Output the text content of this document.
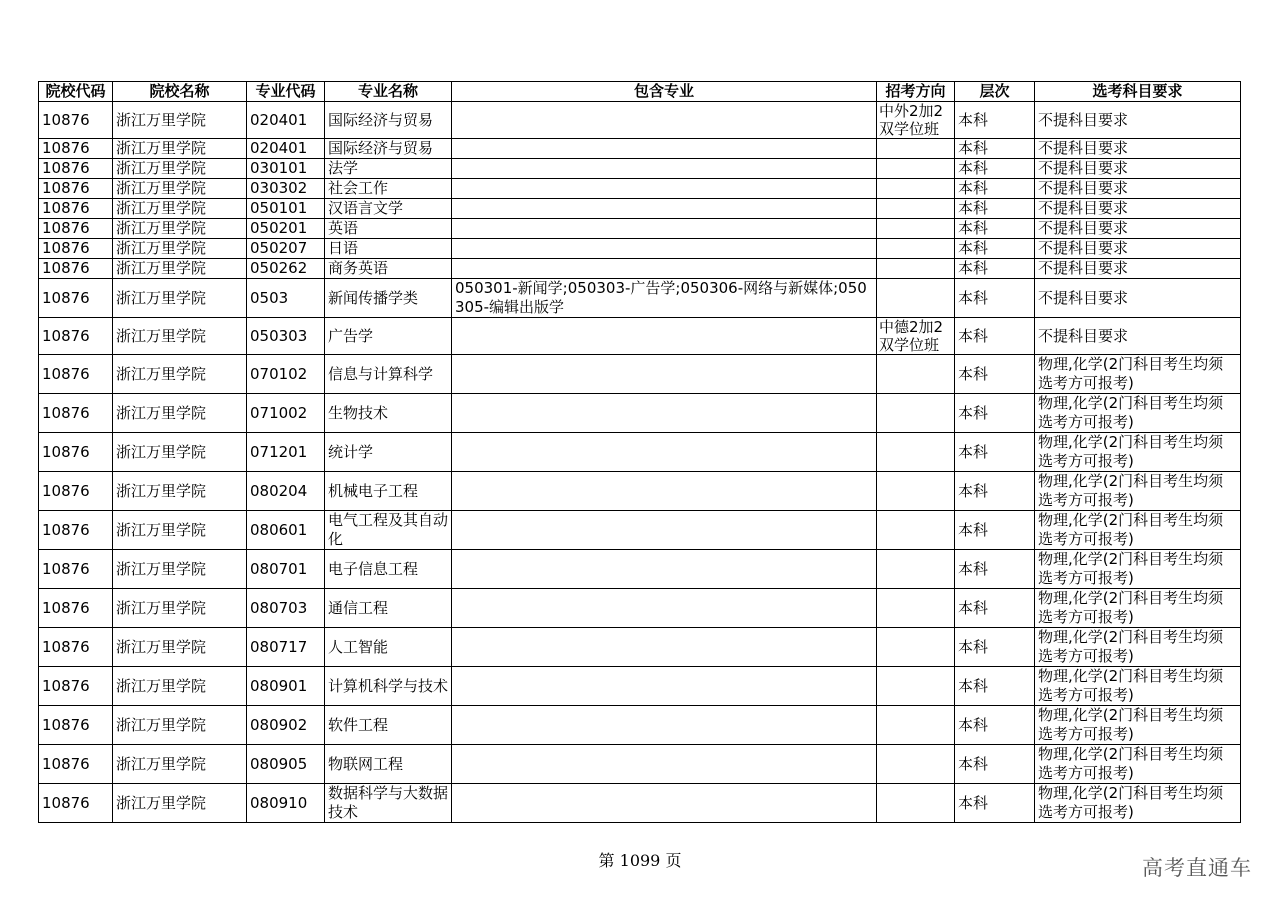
院校代码	院校名称	专业代码	专业名称	包含专业	招考方向	层次	选考科目要求
10876	浙江万里学院	020401	国际经济与贸易		中外2加2双学位班	本科	不提科目要求
10876	浙江万里学院	020401	国际经济与贸易			本科	不提科目要求
10876	浙江万里学院	030101	法学			本科	不提科目要求
10876	浙江万里学院	030302	社会工作			本科	不提科目要求
10876	浙江万里学院	050101	汉语言文学			本科	不提科目要求
10876	浙江万里学院	050201	英语			本科	不提科目要求
10876	浙江万里学院	050207	日语			本科	不提科目要求
10876	浙江万里学院	050262	商务英语			本科	不提科目要求
10876	浙江万里学院	0503	新闻传播学类	050301-新闻学;050303-广告学;050306-网络与新媒体;050305-编辑出版学		本科	不提科目要求
10876	浙江万里学院	050303	广告学		中德2加2双学位班	本科	不提科目要求
10876	浙江万里学院	070102	信息与计算科学			本科	物理,化学(2门科目考生均须选考方可报考)
10876	浙江万里学院	071002	生物技术			本科	物理,化学(2门科目考生均须选考方可报考)
10876	浙江万里学院	071201	统计学			本科	物理,化学(2门科目考生均须选考方可报考)
10876	浙江万里学院	080204	机械电子工程			本科	物理,化学(2门科目考生均须选考方可报考)
10876	浙江万里学院	080601	电气工程及其自动化			本科	物理,化学(2门科目考生均须选考方可报考)
10876	浙江万里学院	080701	电子信息工程			本科	物理,化学(2门科目考生均须选考方可报考)
10876	浙江万里学院	080703	通信工程			本科	物理,化学(2门科目考生均须选考方可报考)
10876	浙江万里学院	080717	人工智能			本科	物理,化学(2门科目考生均须选考方可报考)
10876	浙江万里学院	080901	计算机科学与技术			本科	物理,化学(2门科目考生均须选考方可报考)
10876	浙江万里学院	080902	软件工程			本科	物理,化学(2门科目考生均须选考方可报考)
10876	浙江万里学院	080905	物联网工程			本科	物理,化学(2门科目考生均须选考方可报考)
10876	浙江万里学院	080910	数据科学与大数据技术			本科	物理,化学(2门科目考生均须选考方可报考)
第 1099 页	高考直通车
